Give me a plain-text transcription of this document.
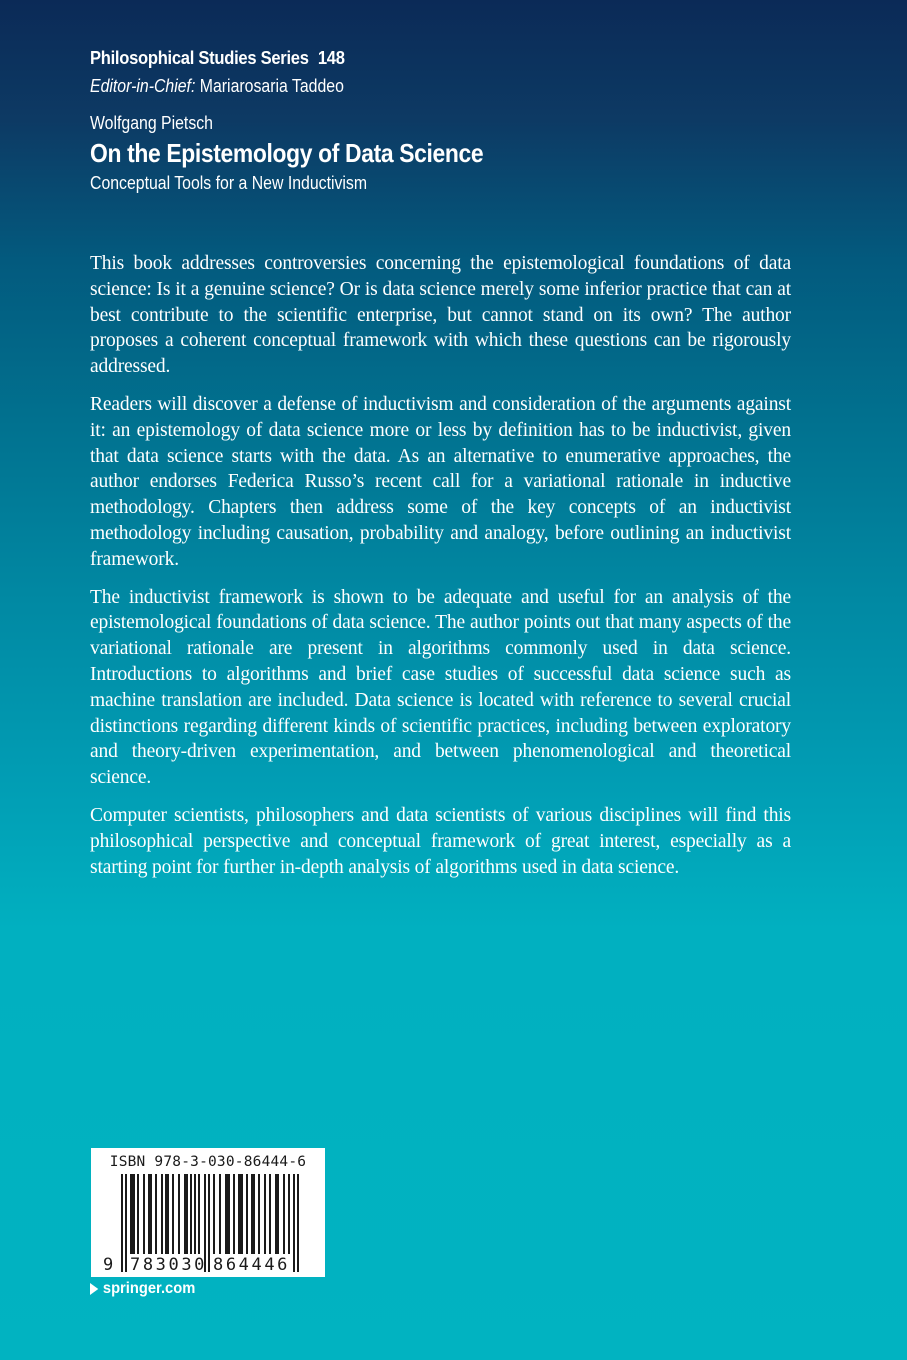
Philosophical Studies Series 148
Editor-in-Chief: Mariarosaria Taddeo
Wolfgang Pietsch
On the Epistemology of Data Science
Conceptual Tools for a New Inductivism

This book addresses controversies concerning the epistemological foundations of data science: Is it a genuine science? Or is data science merely some inferior practice that can at best contribute to the scientific enterprise, but cannot stand on its own? The author proposes a coherent conceptual framework with which these questions can be rigorously addressed.

Readers will discover a defense of inductivism and consideration of the arguments against it: an epistemology of data science more or less by definition has to be inductivist, given that data science starts with the data. As an alternative to enumerative approaches, the author endorses Federica Russo’s recent call for a variational rationale in inductive methodology. Chapters then address some of the key concepts of an inductivist methodology including causation, probability and analogy, before outlining an inductivist framework.

The inductivist framework is shown to be adequate and useful for an analysis of the epistemological foundations of data science. The author points out that many aspects of the variational rationale are present in algorithms commonly used in data science. Introductions to algorithms and brief case studies of successful data science such as machine translation are included. Data science is located with reference to several crucial distinctions regarding different kinds of scientific practices, including between exploratory and theory-driven experimentation, and between phenomenological and theoretical science.

Computer scientists, philosophers and data scientists of various disciplines will find this philosophical perspective and conceptual framework of great interest, especially as a starting point for further in-depth analysis of algorithms used in data science.

ISBN 978-3-030-86444-6
9 783030 864446
springer.com
